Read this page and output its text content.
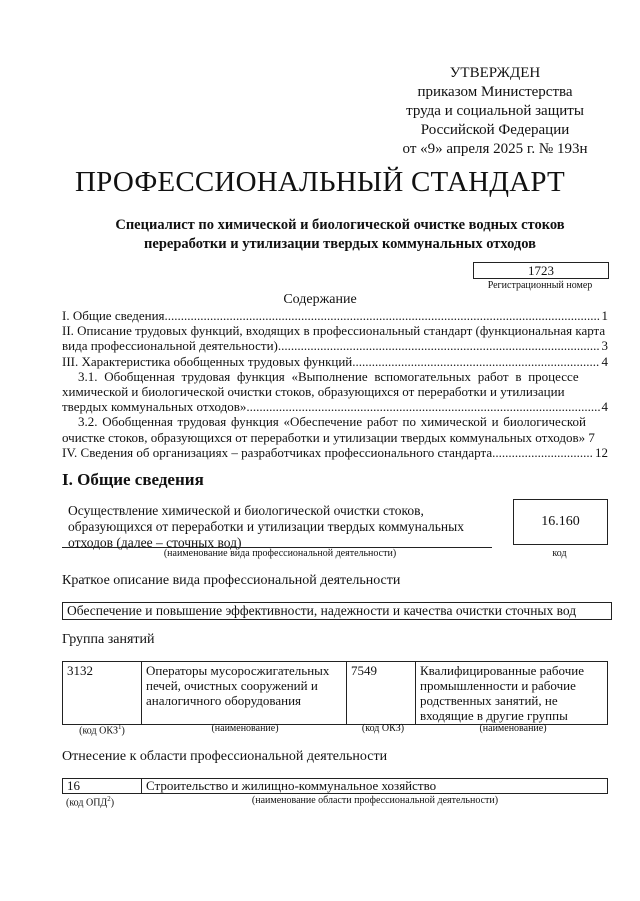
УТВЕРЖДЕН
приказом Министерства
труда и социальной защиты
Российской Федерации
от «9» апреля 2025 г. № 193н
ПРОФЕССИОНАЛЬНЫЙ СТАНДАРТ
Специалист по химической и биологической очистке водных стоков
переработки и утилизации твердых коммунальных отходов
1723
Регистрационный номер
Содержание
I. Общие сведения .....	1
II. Описание трудовых функций, входящих в профессиональный стандарт (функциональная карта
вида профессиональной деятельности) .....	3
III. Характеристика обобщенных трудовых функций .....	4
3.1. Обобщенная трудовая функция «Выполнение вспомогательных работ в процессе
химической и биологической очистки стоков, образующихся от переработки и утилизации
твердых коммунальных отходов» .....	4
3.2. Обобщенная трудовая функция «Обеспечение работ по химической и биологической
очистке стоков, образующихся от переработки и утилизации твердых коммунальных отходов» 7
IV. Сведения об организациях – разработчиках профессионального стандарта .....	12
I. Общие сведения
Осуществление химической и биологической очистки стоков,
образующихся от переработки и утилизации твердых коммунальных
отходов (далее – сточных вод)
(наименование вида профессиональной деятельности)
16.160
код
Краткое описание вида профессиональной деятельности
Обеспечение и повышение эффективности, надежности и качества очистки сточных вод
Группа занятий
3132	Операторы мусоросжигательных
печей, очистных сооружений и
аналогичного оборудования
	7549	Квалифицированные рабочие
промышленности и рабочие
родственных занятий, не
входящие в другие группы
(код ОКЗ$^1$)	(наименование)	(код ОКЗ)	(наименование)
Отнесение к области профессиональной деятельности
16	Строительство и жилищно-коммунальное хозяйство
(код ОПД$^2$)	(наименование области профессиональной деятельности)
